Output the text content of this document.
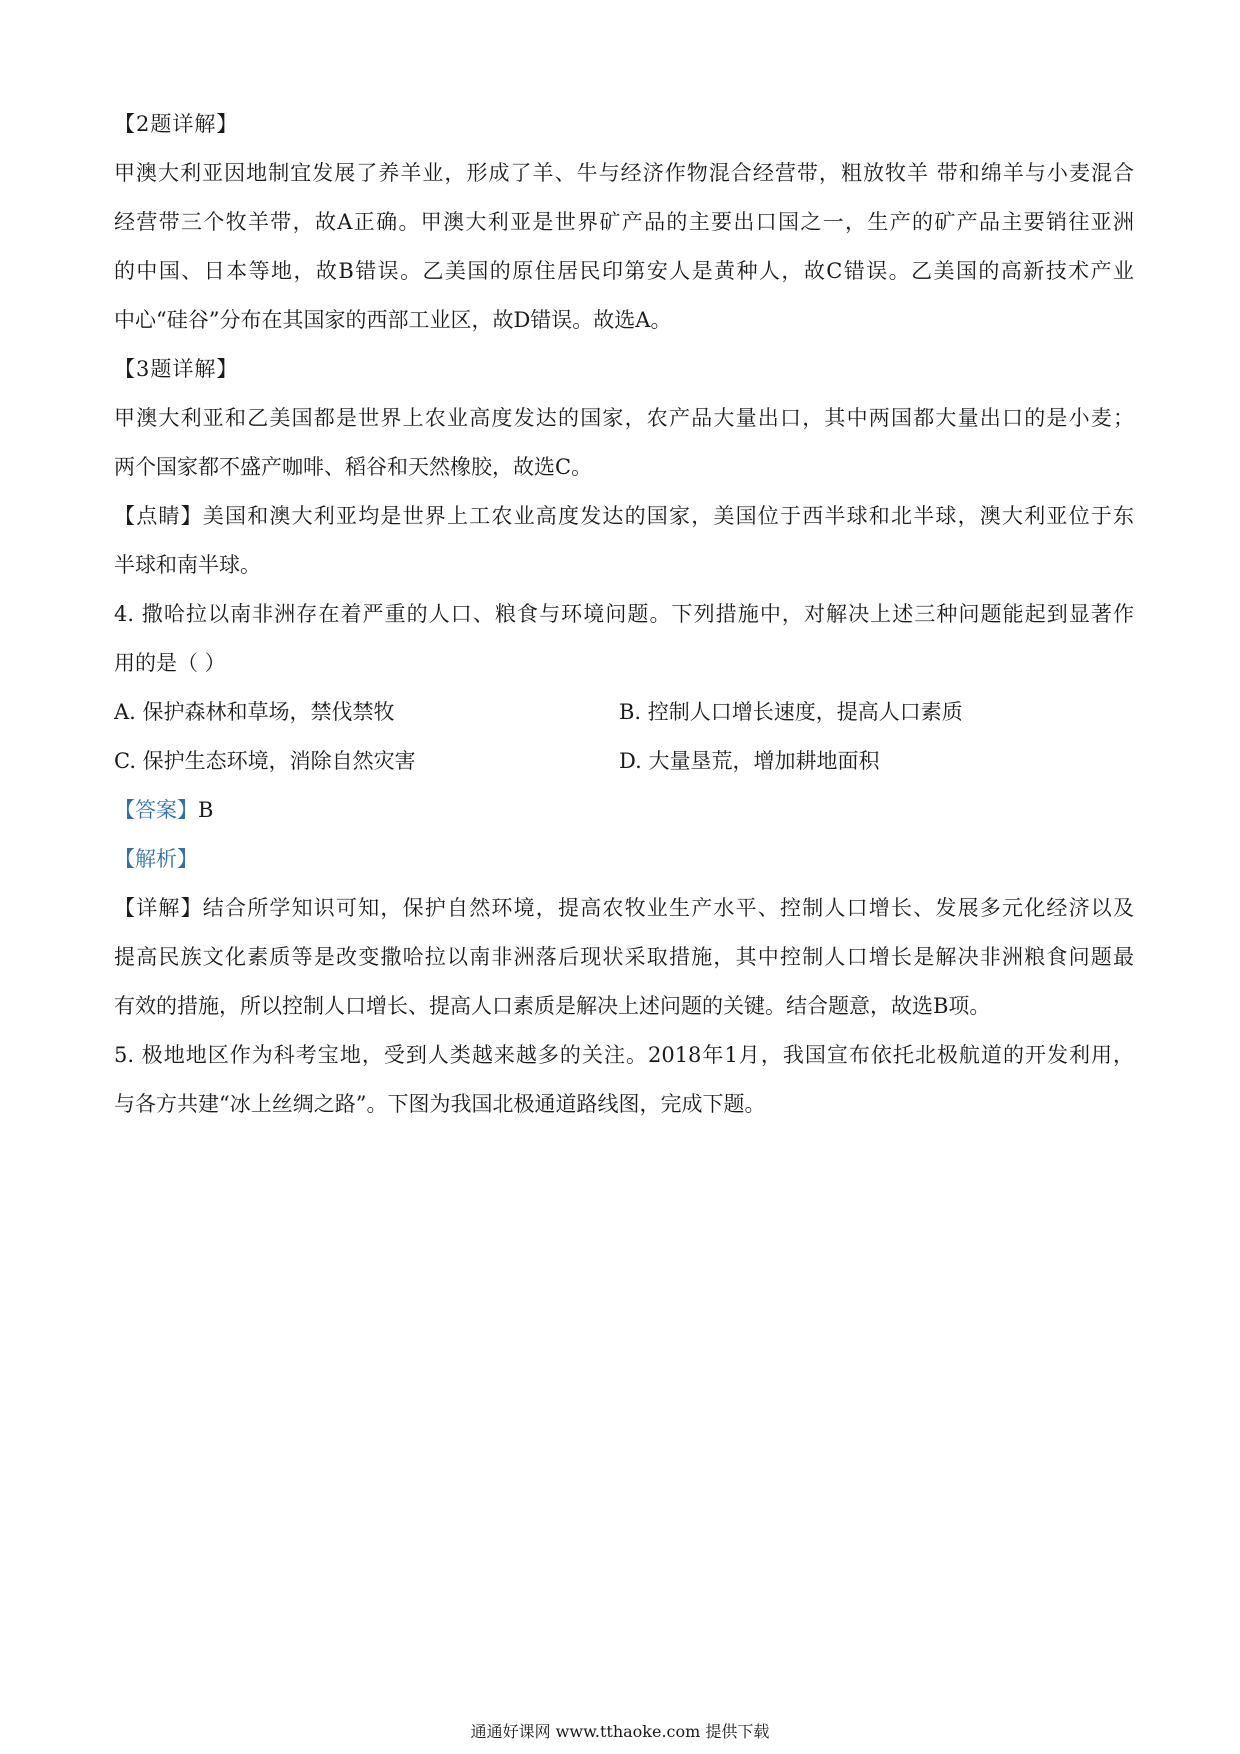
【2题详解】
甲澳大利亚因地制宜发展了养羊业，形成了羊、牛与经济作物混合经营带，粗放牧羊 带和绵羊与小麦混合
经营带三个牧羊带，故A正确。甲澳大利亚是世界矿产品的主要出口国之一，生产的矿产品主要销往亚洲
的中国、日本等地，故B错误。乙美国的原住居民印第安人是黄种人，故C错误。乙美国的高新技术产业
中心“硅谷”分布在其国家的西部工业区，故D错误。故选A。
【3题详解】
甲澳大利亚和乙美国都是世界上农业高度发达的国家，农产品大量出口，其中两国都大量出口的是小麦；
两个国家都不盛产咖啡、稻谷和天然橡胶，故选C。
【点睛】美国和澳大利亚均是世界上工农业高度发达的国家，美国位于西半球和北半球，澳大利亚位于东
半球和南半球。
4. 撒哈拉以南非洲存在着严重的人口、粮食与环境问题。下列措施中，对解决上述三种问题能起到显著作
用的是（ ）
A. 保护森林和草场，禁伐禁牧	B. 控制人口增长速度，提高人口素质
C. 保护生态环境，消除自然灾害	D. 大量垦荒，增加耕地面积
【答案】B
【解析】
【详解】结合所学知识可知，保护自然环境，提高农牧业生产水平、控制人口增长、发展多元化经济以及
提高民族文化素质等是改变撒哈拉以南非洲落后现状采取措施，其中控制人口增长是解决非洲粮食问题最
有效的措施，所以控制人口增长、提高人口素质是解决上述问题的关键。结合题意，故选B项。
5. 极地地区作为科考宝地，受到人类越来越多的关注。2018年1月，我国宣布依托北极航道的开发利用，
与各方共建“冰上丝绸之路”。下图为我国北极通道路线图，完成下题。
通通好课网 www.tthaoke.com 提供下载
